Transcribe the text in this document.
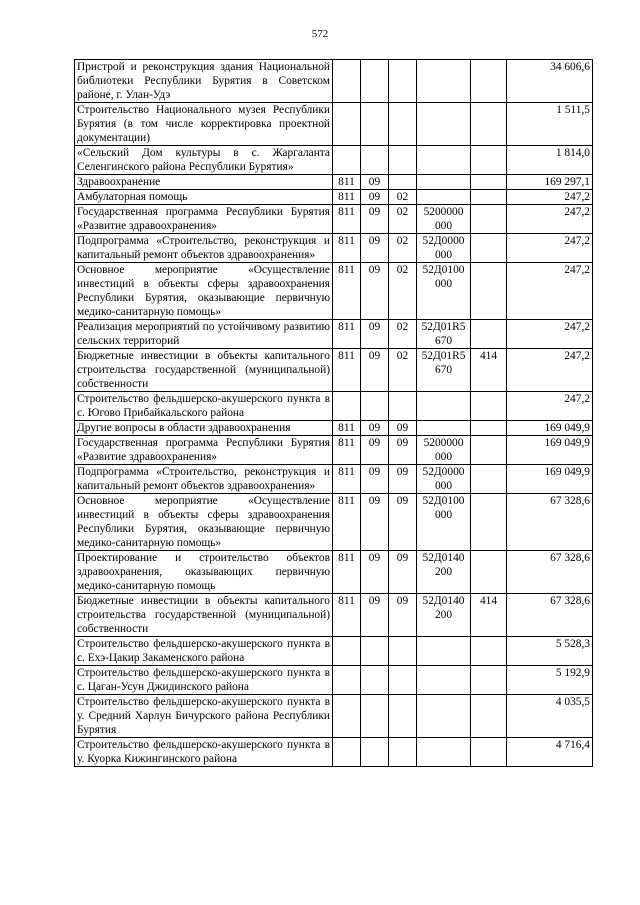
572
Пристрой и реконструкция здания Национальной библиотеки Республики Бурятия в Советском районе, г. Улан-Удэ						34 606,6
Строительство Национального музея Республики Бурятия (в том числе корректировка проектной документации)						1 511,5
«Сельский Дом культуры в с. Жаргаланта Селенгинского района Республики Бурятия»						1 814,0
Здравоохранение	811	09				169 297,1
Амбулаторная помощь	811	09	02			247,2
Государственная программа Республики Бурятия «Развитие здравоохранения»	811	09	02	5200000 000		247,2
Подпрограмма «Строительство, реконструкция и капитальный ремонт объектов здравоохранения»	811	09	02	52Д0000 000		247,2
Основное мероприятие «Осуществление инвестиций в объекты сферы здравоохранения Республики Бурятия, оказывающие первичную медико-санитарную помощь»	811	09	02	52Д0100 000		247,2
Реализация мероприятий по устойчивому развитию сельских территорий	811	09	02	52Д01R5 670		247,2
Бюджетные инвестиции в объекты капитального строительства государственной (муниципальной) собственности	811	09	02	52Д01R5 670	414	247,2
Строительство фельдшерско-акушерского пункта в с. Югово Прибайкальского района						247,2
Другие вопросы в области здравоохранения	811	09	09			169 049,9
Государственная программа Республики Бурятия «Развитие здравоохранения»	811	09	09	5200000 000		169 049,9
Подпрограмма «Строительство, реконструкция и капитальный ремонт объектов здравоохранения»	811	09	09	52Д0000 000		169 049,9
Основное мероприятие «Осуществление инвестиций в объекты сферы здравоохранения Республики Бурятия, оказывающие первичную медико-санитарную помощь»	811	09	09	52Д0100 000		67 328,6
Проектирование и строительство объектов здравоохранения, оказывающих первичную медико-санитарную помощь	811	09	09	52Д0140 200		67 328,6
Бюджетные инвестиции в объекты капитального строительства государственной (муниципальной) собственности	811	09	09	52Д0140 200	414	67 328,6
Строительство фельдшерско-акушерского пункта в с. Ехэ-Цакир Закаменского района						5 528,3
Строительство фельдшерско-акушерского пункта в с. Цаган-Усун Джидинского района						5 192,9
Строительство фельдшерско-акушерского пункта в у. Средний Харлун Бичурского района Республики Бурятия						4 035,5
Строительство фельдшерско-акушерского пункта в у. Куорка Кижингинского района						4 716,4
